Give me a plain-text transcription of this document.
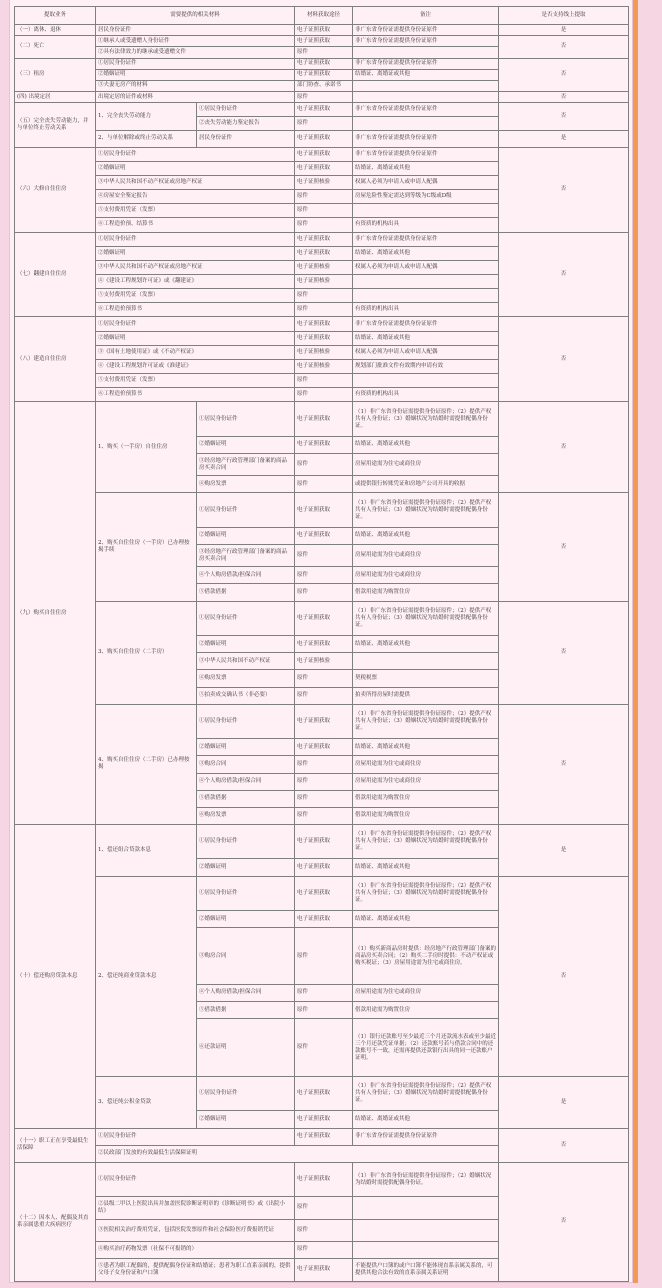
提取业务	需要提供的相关材料		材料获取途径	备注	是否支持线上提取
（一）离休、退休	居民身份证件		电子证照获取	非广东省身份证需提供身份证原件	是
（二）死亡	①继承人或受遗赠人身份证件		电子证照获取	非广东省身份证需提供身份证原件	否
	②具有法律效力的继承或受遗赠文件		原件		
（三）租房	①居民身份证件		电子证照获取	非广东省身份证需提供身份证原件	否
	②婚姻证明		电子证照获取	结婚证、离婚证或其他	
	③夫妻无房产的材料		部门协查、承诺书		
(四) 出境定居	出境定居的证件或材料		原件		否
（五）完全丧失劳动能力，并与单位终止劳动关系	1、完全丧失劳动能力	①居民身份证件	电子证照获取	非广东省身份证需提供身份证原件	否
		②丧失劳动能力鉴定报告	原件		
	2、与单位解除或终止劳动关系	居民身份证件	电子证照获取	非广东省身份证需提供身份证原件	是
（六）大修自住住房	①居民身份证件		电子证照获取	非广东省身份证需提供身份证原件	否
	②婚姻证明		电子证照获取	结婚证、离婚证或其他	
	③中华人民共和国不动产权证或房地产权证		电子证照核验	权属人必须为申请人或申请人配偶	
	④房屋安全鉴定报告		原件	房屋危险性鉴定需达到等级为C级或D级	
	⑤支付费用凭证（发票）		原件		
	⑥工程造价预、结算书		原件	有资质的机构出具	
（七）翻建自住住房	①居民身份证件		电子证照获取	非广东省身份证需提供身份证原件	否
	②婚姻证明		电子证照获取	结婚证、离婚证或其他	
	③中华人民共和国不动产权证或房地产权证		电子证照核验	权属人必须为申请人或申请人配偶	
	④《建设工程规划许可证》或《翻建证》		电子证照核验		
	⑤支付费用凭证（发票）		原件		
	⑥工程造价预算书		原件	有资质的机构出具	
（八）建造自住住房	①居民身份证件		电子证照获取	非广东省身份证需提供身份证原件	否
	②婚姻证明		电子证照获取	结婚证、离婚证或其他	
	③《国有土地使用证》或《不动产权证》		电子证照核验	权属人必须为申请人或申请人配偶	
	④《建设工程规划许可证或《准建证》		电子证照核验	规划部门批准文件有效期内申请有效	
	⑤支付费用凭证（发票）		原件		
	⑥工程造价预算书		原件	有资质的机构出具	
（九）购买自住住房	1、购买（一手房）自住住房	①居民身份证件	电子证照获取	（1）非广东省身份证需提供身份证原件；（2）提供产权共有人身份证；（3）婚姻状况为结婚时需提供配偶身份证。	否
		②婚姻证明	电子证照获取	结婚证、离婚证或其他	
		③经房地产行政管理部门备案的商品房买卖合同	原件	房屋用途需为住宅或商住房	
		④购房发票	原件	或提供银行转账凭证和房地产公司开具的收据	
	2、购买自住住房（一手房）已办理按揭手续	①居民身份证件	电子证照获取	（1）非广东省身份证需提供身份证原件；（2）提供产权共有人身份证；（3）婚姻状况为结婚时需提供配偶身份证。	否
		②婚姻证明	电子证照获取	结婚证、离婚证或其他	
		③经房地产行政管理部门备案的商品房买卖合同	原件	房屋用途需为住宅或商住房	
		④个人购房借款/担保合同	原件	房屋用途需为住宅或商住房	
		⑤借款借据	原件	借款用途需为购置住房	
	3、购买自住住房（二手房）	①居民身份证件	电子证照获取	（1）非广东省身份证需提供身份证原件；（2）提供产权共有人身份证；（3）婚姻状况为结婚时需提供配偶身份证。	否
		②婚姻证明	电子证照获取	结婚证、离婚证或其他	
		③中华人民共和国不动产权证	电子证照核验		
		④购房发票	原件	契税税票	
		⑤拍卖成交确认书（非必要）	原件	拍卖所得房屋时需提供	
	4、购买自住住房（二手房）已办理按揭	①居民身份证件	电子证照获取	（1）非广东省身份证需提供身份证原件；（2）提供产权共有人身份证；（3）婚姻状况为结婚时需提供配偶身份证。	否
		②婚姻证明	电子证照获取	结婚证、离婚证或其他	
		③购房合同	原件	房屋用途需为住宅或商住房	
		④个人购房借款/担保合同	原件	房屋用途需为住宅或商住房	
		⑤借款借据	原件	借款用途需为购置住房	
		⑥购房发票	原件	借款用途需为购置住房	
（十）偿还购房贷款本息	1、偿还组合贷款本息	①居民身份证件	电子证照获取	（1）非广东省身份证需提供身份证原件；（2）提供产权共有人身份证；（3）婚姻状况为结婚时需提供配偶身份证。	是
		②婚姻证明	电子证照获取	结婚证、离婚证或其他	
	2、偿还纯商业贷款本息	①居民身份证件	电子证照获取	（1）非广东省身份证需提供身份证原件；（2）提供产权共有人身份证；（3）婚姻状况为结婚时需提供配偶身份证。	否
		②婚姻证明	电子证照获取	结婚证、离婚证或其他	
		③购房合同	原件	（1）购买新商品房时提供：经房地产行政管理部门备案的商品房买卖合同；（2）购买二手房时提供：不动产权证或购买税证；（3）房屋用途需为住宅或商住房。	
		④个人购房借款/担保合同	原件	房屋用途需为住宅或商住房	
		⑤借款借据	原件	借款用途需为购置住房	
		⑥还款证明	原件	（1）银行还款账号至少最近三个月还款流水表或至少最近三个月还款凭证单据；（2）还款账号若与借款合同中的还款账号不一致，还需再提供还款银行出具的同一还款账户证明。	
	3、偿还纯公积金贷款	①居民身份证件	电子证照获取	（1）非广东省身份证需提供身份证原件；（2）提供产权共有人身份证；（3）婚姻状况为结婚时需提供配偶身份证。	是
		②婚姻证明	电子证照获取	结婚证、离婚证或其他	
（十一）职工正在享受最低生活保障	①居民身份证件		电子证照获取	非广东省身份证需提供身份证原件	否
	②民政部门发放的有效最低生活保障证明				
（十二）因本人、配偶及其直系亲属患重大疾病医疗	①居民身份证件		电子证照获取	（1）非广东省身份证需提供身份证原件；（2）婚姻状况为结婚时需提供配偶身份证。	否
	②县级二甲以上医院出具并加盖医院诊断证明章的《诊断证明书》或《出院小结》		原件		
	③医院相关治疗费用凭证，包括医院发票原件和社会保险医疗费报销凭证		原件		
	④购买治疗药物发票（社保不可报销的）		原件		
	⑤患者为职工配偶的，提供配偶身份证和结婚证；患者为职工直系亲属的，提供父母子女身份证和户口簿		电子证照获取	不能提供户口簿的或户口簿不能体现直系亲属关系的，可提供其他合法有效的直系亲属关系证明	
